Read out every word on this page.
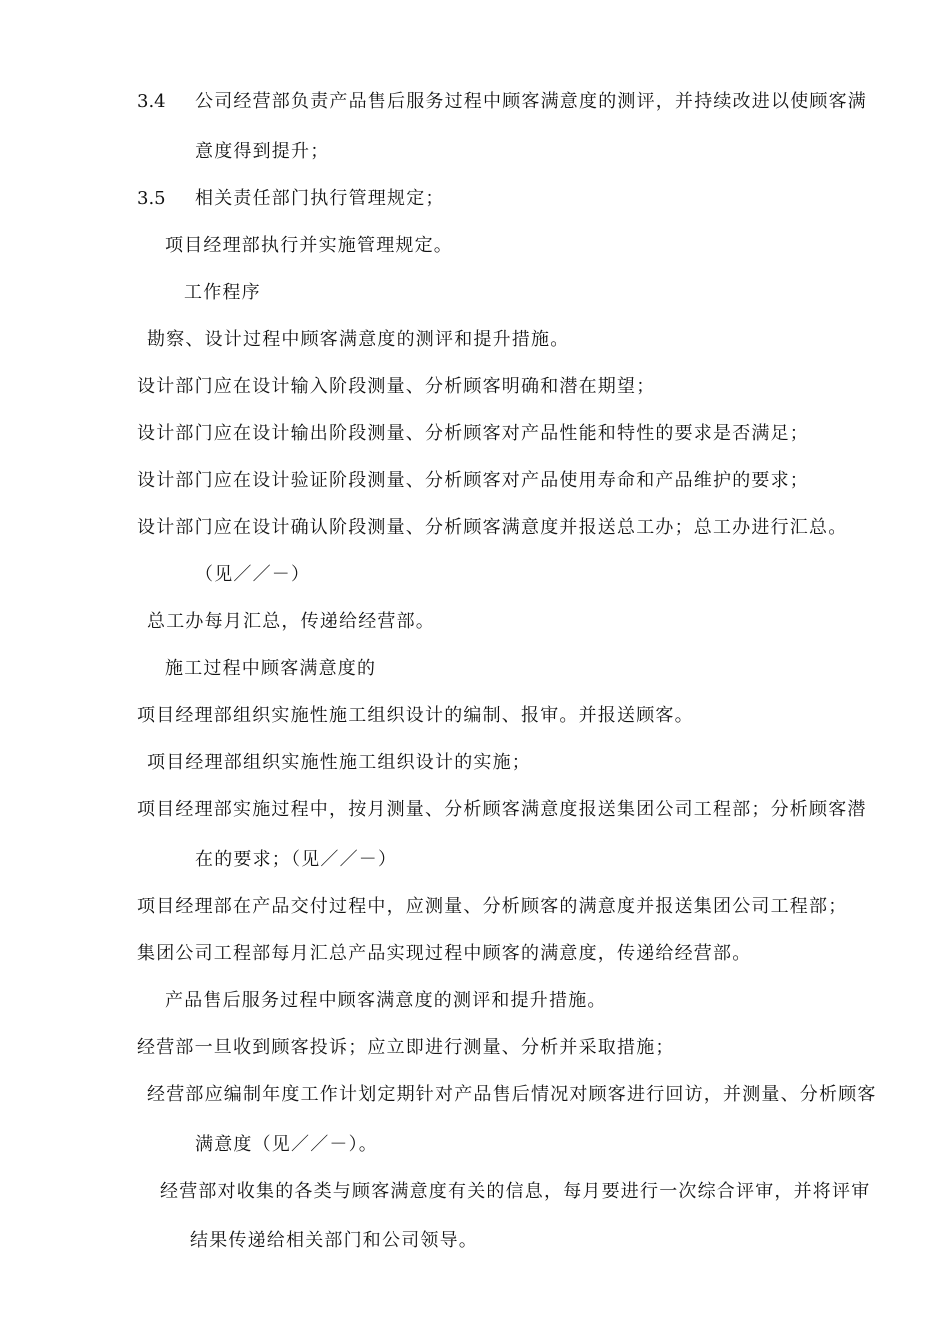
3.4 公司经营部负责产品售后服务过程中顾客满意度的测评，并持续改进以使顾客满
意度得到提升；
3.5 相关责任部门执行管理规定；
项目经理部执行并实施管理规定。
工作程序
勘察、设计过程中顾客满意度的测评和提升措施。
设计部门应在设计输入阶段测量、分析顾客明确和潜在期望；
设计部门应在设计输出阶段测量、分析顾客对产品性能和特性的要求是否满足；
设计部门应在设计验证阶段测量、分析顾客对产品使用寿命和产品维护的要求；
设计部门应在设计确认阶段测量、分析顾客满意度并报送总工办；总工办进行汇总。
（见／／－）
总工办每月汇总，传递给经营部。
施工过程中顾客满意度的
项目经理部组织实施性施工组织设计的编制、报审。并报送顾客。
项目经理部组织实施性施工组织设计的实施；
项目经理部实施过程中，按月测量、分析顾客满意度报送集团公司工程部；分析顾客潜
在的要求；（见／／－）
项目经理部在产品交付过程中，应测量、分析顾客的满意度并报送集团公司工程部；
集团公司工程部每月汇总产品实现过程中顾客的满意度，传递给经营部。
产品售后服务过程中顾客满意度的测评和提升措施。
经营部一旦收到顾客投诉；应立即进行测量、分析并采取措施；
经营部应编制年度工作计划定期针对产品售后情况对顾客进行回访，并测量、分析顾客
满意度（见／／－）。
经营部对收集的各类与顾客满意度有关的信息，每月要进行一次综合评审，并将评审
结果传递给相关部门和公司领导。
